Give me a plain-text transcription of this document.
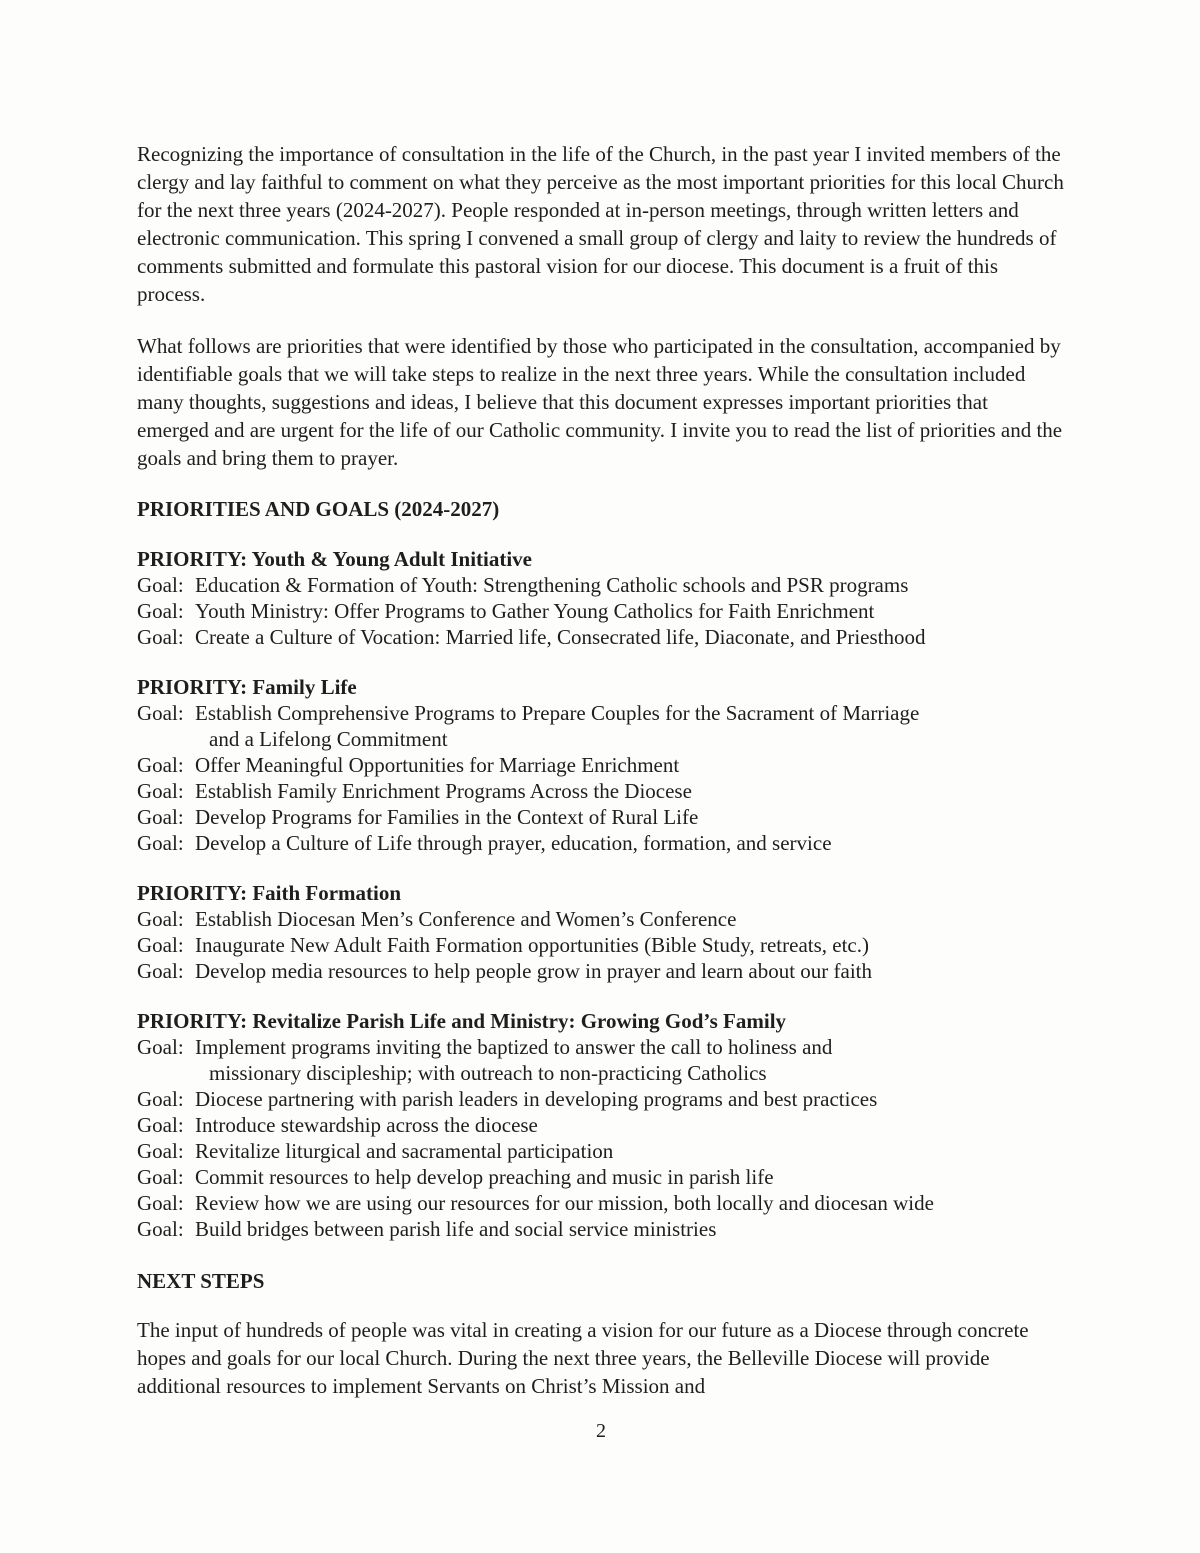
Recognizing the importance of consultation in the life of the Church, in the past year I invited members of the clergy and lay faithful to comment on what they perceive as the most important priorities for this local Church for the next three years (2024-2027). People responded at in-person meetings, through written letters and electronic communication. This spring I convened a small group of clergy and laity to review the hundreds of comments submitted and formulate this pastoral vision for our diocese. This document is a fruit of this process.

What follows are priorities that were identified by those who participated in the consultation, accompanied by identifiable goals that we will take steps to realize in the next three years. While the consultation included many thoughts, suggestions and ideas, I believe that this document expresses important priorities that emerged and are urgent for the life of our Catholic community. I invite you to read the list of priorities and the goals and bring them to prayer.

PRIORITIES AND GOALS (2024-2027)
PRIORITY: Youth & Young Adult Initiative
Goal: Education & Formation of Youth: Strengthening Catholic schools and PSR programs
Goal: Youth Ministry: Offer Programs to Gather Young Catholics for Faith Enrichment
Goal: Create a Culture of Vocation: Married life, Consecrated life, Diaconate, and Priesthood
PRIORITY: Family Life
Goal: Establish Comprehensive Programs to Prepare Couples for the Sacrament of Marriage
and a Lifelong Commitment
Goal: Offer Meaningful Opportunities for Marriage Enrichment
Goal: Establish Family Enrichment Programs Across the Diocese
Goal: Develop Programs for Families in the Context of Rural Life
Goal: Develop a Culture of Life through prayer, education, formation, and service
PRIORITY: Faith Formation
Goal: Establish Diocesan Men’s Conference and Women’s Conference
Goal: Inaugurate New Adult Faith Formation opportunities (Bible Study, retreats, etc.)
Goal: Develop media resources to help people grow in prayer and learn about our faith
PRIORITY: Revitalize Parish Life and Ministry: Growing God’s Family
Goal: Implement programs inviting the baptized to answer the call to holiness and
missionary discipleship; with outreach to non-practicing Catholics
Goal: Diocese partnering with parish leaders in developing programs and best practices
Goal: Introduce stewardship across the diocese
Goal: Revitalize liturgical and sacramental participation
Goal: Commit resources to help develop preaching and music in parish life
Goal: Review how we are using our resources for our mission, both locally and diocesan wide
Goal: Build bridges between parish life and social service ministries
NEXT STEPS

The input of hundreds of people was vital in creating a vision for our future as a Diocese through concrete hopes and goals for our local Church. During the next three years, the Belleville Diocese will provide additional resources to implement Servants on Christ’s Mission and

2
